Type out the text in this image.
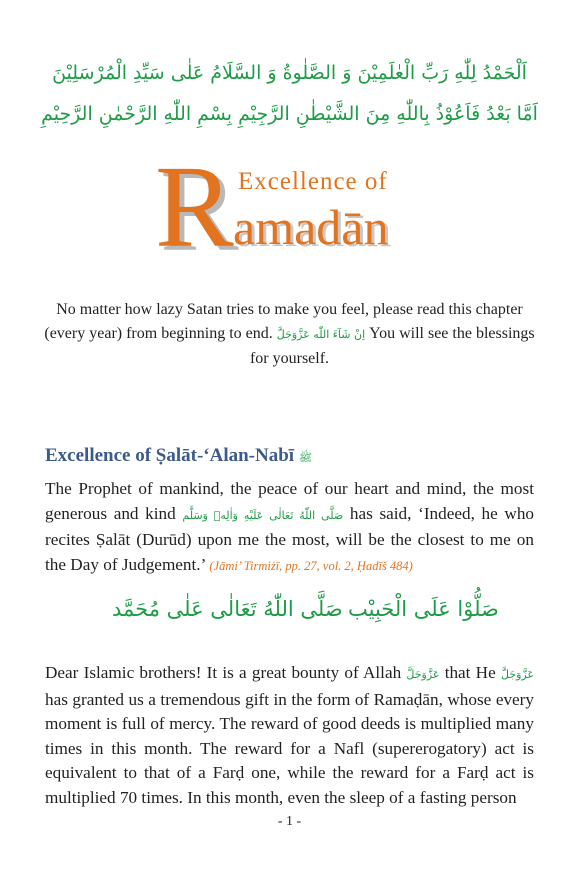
اَلْحَمْدُ لِلّٰهِ رَبِّ الْعٰلَمِيْنَ وَ الصَّلٰوةُ وَ السَّلَامُ عَلٰى سَيِّدِ الْمُرْسَلِيْنَ
اَمَّا بَعْدُ فَاَعُوْذُ بِاللّٰهِ مِنَ الشَّيْطٰنِ الرَّجِيْمِ بِسْمِ اللّٰهِ الرَّحْمٰنِ الرَّحِيْمِ
R Excellence of
amadān
No matter how lazy Satan tries to make you feel, please read this chapter (every year) from beginning to end. اِنْ شَآءَ اللّٰه عَزَّوَجَلَّ You will see the blessings for yourself.
Excellence of Ṣalāt-‘Alan-Nabī ﷺ
The Prophet of mankind, the peace of our heart and mind, the most generous and kind صَلَّى اللّٰهُ تَعَالٰى عَلَيْهِ وَاٰلِهٖ وَسَلَّم has said, ‘Indeed, he who recites Ṣalāt (Durūd) upon me the most, will be the closest to me on the Day of Judgement.’ (Jāmi’ Tirmiżī, pp. 27, vol. 2, Ḥadīš 484)
صَلُّوْا عَلَى الْحَبِيْب
صَلَّى اللّٰهُ تَعَالٰى عَلٰى مُحَمَّد
Dear Islamic brothers! It is a great bounty of Allah عَزَّوَجَلَّ that He عَزَّوَجَلَّ has granted us a tremendous gift in the form of Ramaḍān, whose every moment is full of mercy. The reward of good deeds is multiplied many times in this month. The reward for a Nafl (supererogatory) act is equivalent to that of a Farḍ one, while the reward for a Farḍ act is multiplied 70 times. In this month, even the sleep of a fasting person
- 1 -
